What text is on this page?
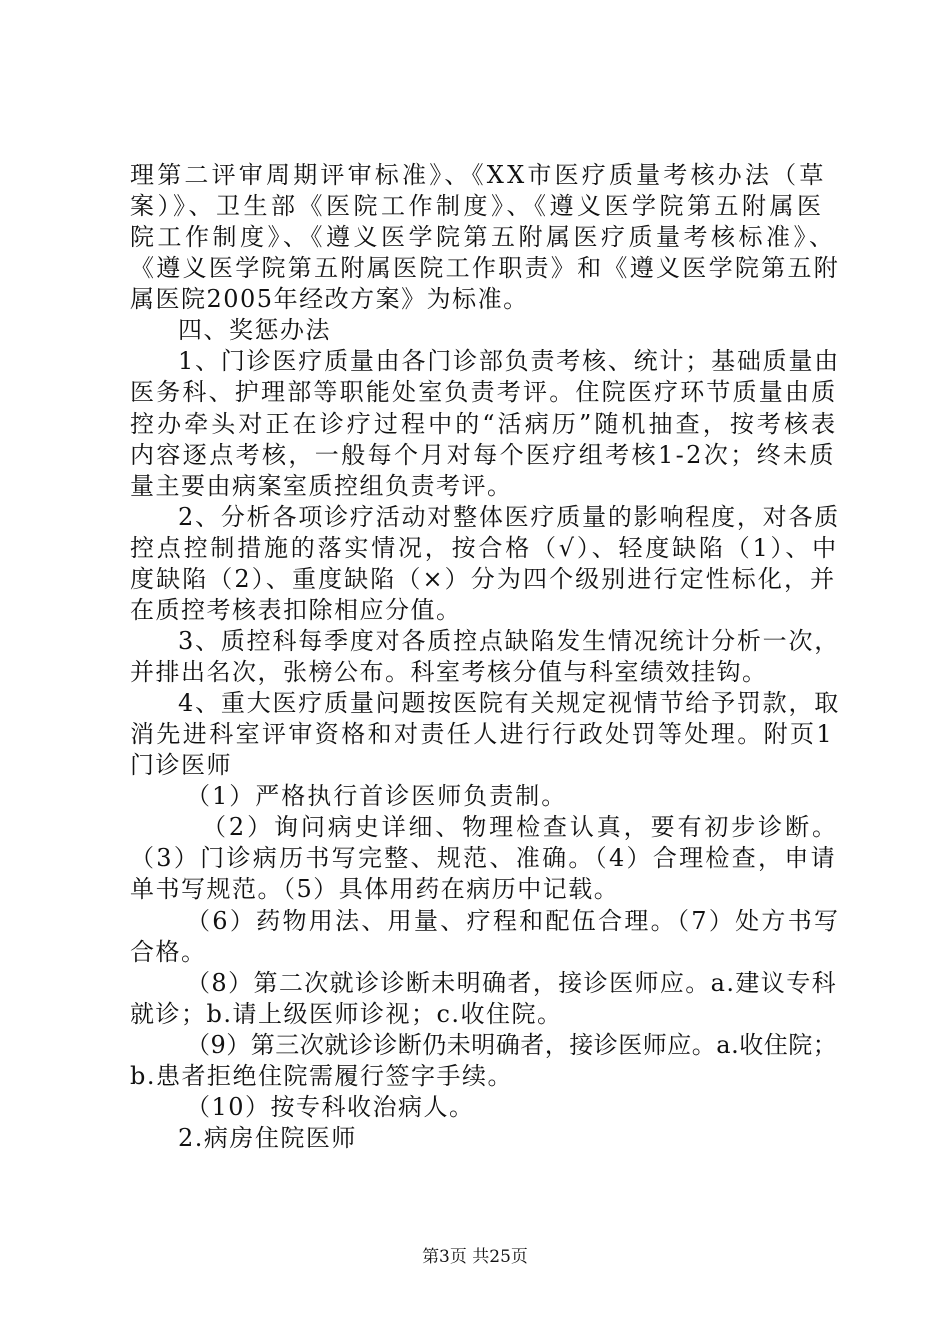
理第二评审周期评审标准》、《XX市医疗质量考核办法（草
案）》、卫生部《医院工作制度》、《遵义医学院第五附属医
院工作制度》、《遵义医学院第五附属医疗质量考核标准》、
《遵义医学院第五附属医院工作职责》和《遵义医学院第五附
属医院2005年经改方案》为标准。
四、奖惩办法
1、门诊医疗质量由各门诊部负责考核、统计；基础质量由
医务科、护理部等职能处室负责考评。住院医疗环节质量由质
控办牵头对正在诊疗过程中的“活病历”随机抽查，按考核表
内容逐点考核，一般每个月对每个医疗组考核1-2次；终未质
量主要由病案室质控组负责考评。
2、分析各项诊疗活动对整体医疗质量的影响程度，对各质
控点控制措施的落实情况，按合格（√）、轻度缺陷（1）、中
度缺陷（2）、重度缺陷（×）分为四个级别进行定性标化，并
在质控考核表扣除相应分值。
3、质控科每季度对各质控点缺陷发生情况统计分析一次，
并排出名次，张榜公布。科室考核分值与科室绩效挂钩。
4、重大医疗质量问题按医院有关规定视情节给予罚款，取
消先进科室评审资格和对责任人进行行政处罚等处理。附页1
门诊医师
（1）严格执行首诊医师负责制。
（2）询问病史详细、物理检查认真，要有初步诊断。
（3）门诊病历书写完整、规范、准确。（4）合理检查，申请
单书写规范。（5）具体用药在病历中记载。
（6）药物用法、用量、疗程和配伍合理。（7）处方书写
合格。
（8）第二次就诊诊断未明确者，接诊医师应。a.建议专科
就诊；b.请上级医师诊视；c.收住院。
（9）第三次就诊诊断仍未明确者，接诊医师应。a.收住院；
b.患者拒绝住院需履行签字手续。
（10）按专科收治病人。
2.病房住院医师
第3页 共25页
